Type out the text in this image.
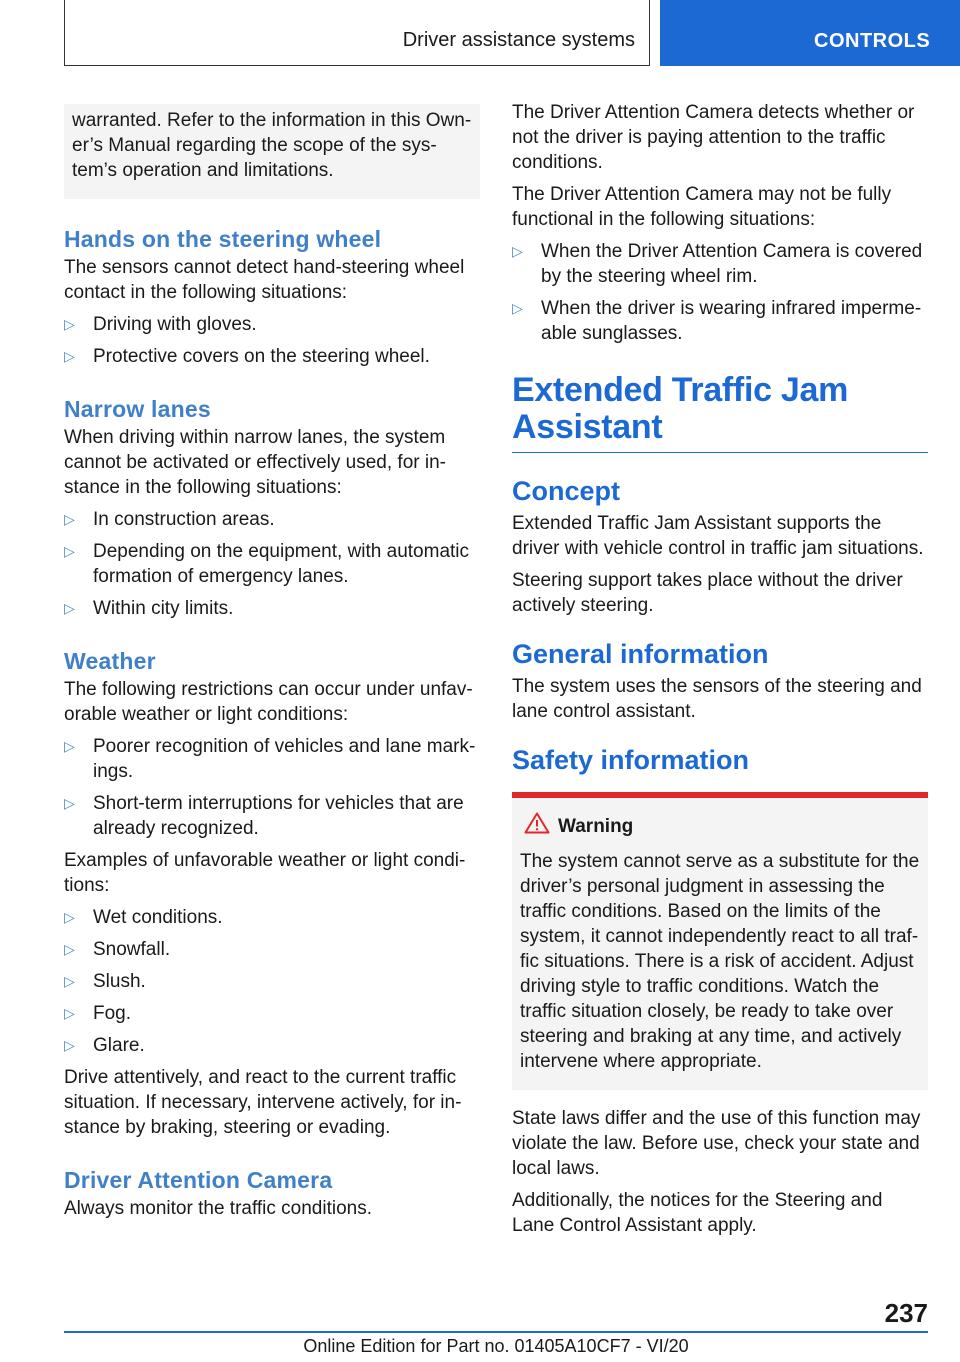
Driver assistance systems	CONTROLS
warranted. Refer to the information in this Owner’s Manual regarding the scope of the system’s operation and limitations.
Hands on the steering wheel
The sensors cannot detect hand-steering wheel contact in the following situations:
▷ Driving with gloves.
▷ Protective covers on the steering wheel.
Narrow lanes
When driving within narrow lanes, the system cannot be activated or effectively used, for instance in the following situations:
▷ In construction areas.
▷ Depending on the equipment, with automatic formation of emergency lanes.
▷ Within city limits.
Weather
The following restrictions can occur under unfavorable weather or light conditions:
▷ Poorer recognition of vehicles and lane markings.
▷ Short-term interruptions for vehicles that are already recognized.
Examples of unfavorable weather or light conditions:
▷ Wet conditions.
▷ Snowfall.
▷ Slush.
▷ Fog.
▷ Glare.
Drive attentively, and react to the current traffic situation. If necessary, intervene actively, for instance by braking, steering or evading.
Driver Attention Camera
Always monitor the traffic conditions.
The Driver Attention Camera detects whether or not the driver is paying attention to the traffic conditions.
The Driver Attention Camera may not be fully functional in the following situations:
▷ When the Driver Attention Camera is covered by the steering wheel rim.
▷ When the driver is wearing infrared impermeable sunglasses.
Extended Traffic Jam Assistant
Concept
Extended Traffic Jam Assistant supports the driver with vehicle control in traffic jam situations.
Steering support takes place without the driver actively steering.
General information
The system uses the sensors of the steering and lane control assistant.
Safety information
Warning
The system cannot serve as a substitute for the driver’s personal judgment in assessing the traffic conditions. Based on the limits of the system, it cannot independently react to all traffic situations. There is a risk of accident. Adjust driving style to traffic conditions. Watch the traffic situation closely, be ready to take over steering and braking at any time, and actively intervene where appropriate.
State laws differ and the use of this function may violate the law. Before use, check your state and local laws.
Additionally, the notices for the Steering and Lane Control Assistant apply.
237
Online Edition for Part no. 01405A10CF7 - VI/20
